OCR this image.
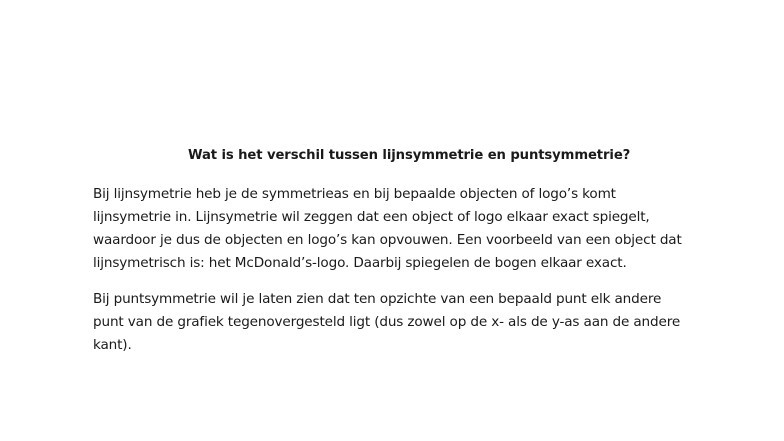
Wat is het verschil tussen lijnsymmetrie en puntsymmetrie?

Bij lijnsymetrie heb je de symmetrieas en bij bepaalde objecten of logo’s komt
lijnsymetrie in. Lijnsymetrie wil zeggen dat een object of logo elkaar exact spiegelt,
waardoor je dus de objecten en logo’s kan opvouwen. Een voorbeeld van een object dat
lijnsymetrisch is: het McDonald’s-logo. Daarbij spiegelen de bogen elkaar exact.

Bij puntsymmetrie wil je laten zien dat ten opzichte van een bepaald punt elk andere
punt van de grafiek tegenovergesteld ligt (dus zowel op de x- als de y-as aan de andere
kant).
